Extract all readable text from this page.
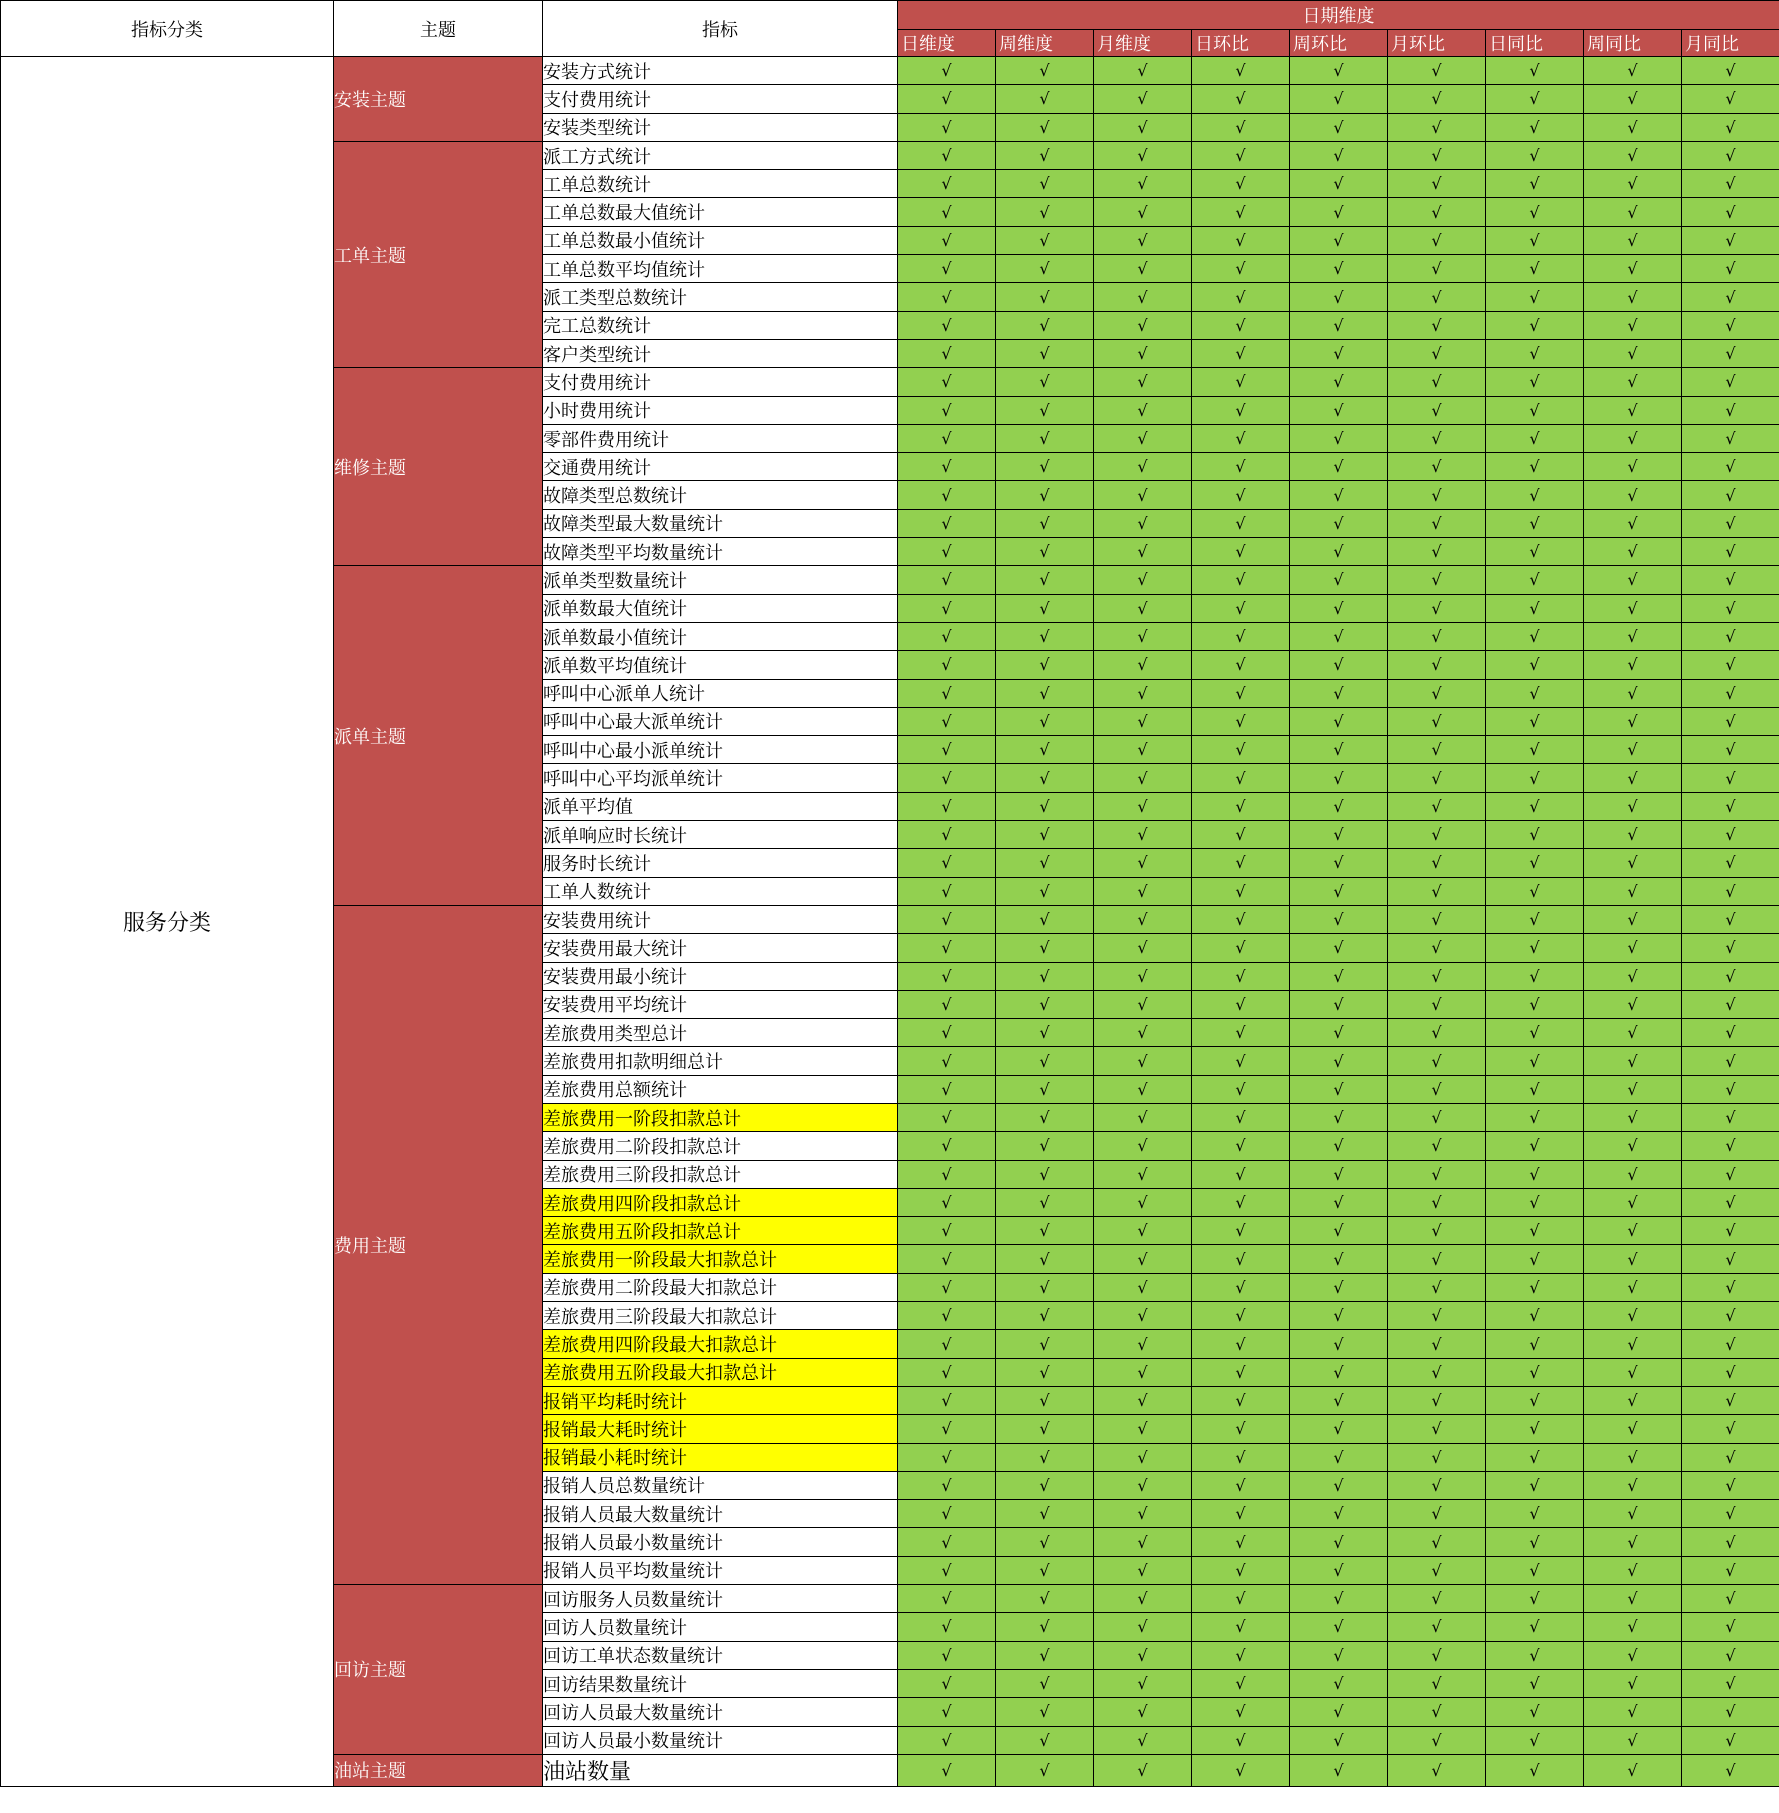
指标分类	主题	指标	日期维度								
			日维度	周维度	月维度	日环比	周环比	月环比	日同比	周同比	月同比
服务分类	安装主题	安装方式统计	√	√	√	√	√	√	√	√	√
		支付费用统计	√	√	√	√	√	√	√	√	√
		安装类型统计	√	√	√	√	√	√	√	√	√
	工单主题	派工方式统计	√	√	√	√	√	√	√	√	√
		工单总数统计	√	√	√	√	√	√	√	√	√
		工单总数最大值统计	√	√	√	√	√	√	√	√	√
		工单总数最小值统计	√	√	√	√	√	√	√	√	√
		工单总数平均值统计	√	√	√	√	√	√	√	√	√
		派工类型总数统计	√	√	√	√	√	√	√	√	√
		完工总数统计	√	√	√	√	√	√	√	√	√
		客户类型统计	√	√	√	√	√	√	√	√	√
	维修主题	支付费用统计	√	√	√	√	√	√	√	√	√
		小时费用统计	√	√	√	√	√	√	√	√	√
		零部件费用统计	√	√	√	√	√	√	√	√	√
		交通费用统计	√	√	√	√	√	√	√	√	√
		故障类型总数统计	√	√	√	√	√	√	√	√	√
		故障类型最大数量统计	√	√	√	√	√	√	√	√	√
		故障类型平均数量统计	√	√	√	√	√	√	√	√	√
	派单主题	派单类型数量统计	√	√	√	√	√	√	√	√	√
		派单数最大值统计	√	√	√	√	√	√	√	√	√
		派单数最小值统计	√	√	√	√	√	√	√	√	√
		派单数平均值统计	√	√	√	√	√	√	√	√	√
		呼叫中心派单人统计	√	√	√	√	√	√	√	√	√
		呼叫中心最大派单统计	√	√	√	√	√	√	√	√	√
		呼叫中心最小派单统计	√	√	√	√	√	√	√	√	√
		呼叫中心平均派单统计	√	√	√	√	√	√	√	√	√
		派单平均值	√	√	√	√	√	√	√	√	√
		派单响应时长统计	√	√	√	√	√	√	√	√	√
		服务时长统计	√	√	√	√	√	√	√	√	√
		工单人数统计	√	√	√	√	√	√	√	√	√
	费用主题	安装费用统计	√	√	√	√	√	√	√	√	√
		安装费用最大统计	√	√	√	√	√	√	√	√	√
		安装费用最小统计	√	√	√	√	√	√	√	√	√
		安装费用平均统计	√	√	√	√	√	√	√	√	√
		差旅费用类型总计	√	√	√	√	√	√	√	√	√
		差旅费用扣款明细总计	√	√	√	√	√	√	√	√	√
		差旅费用总额统计	√	√	√	√	√	√	√	√	√
		差旅费用一阶段扣款总计	√	√	√	√	√	√	√	√	√
		差旅费用二阶段扣款总计	√	√	√	√	√	√	√	√	√
		差旅费用三阶段扣款总计	√	√	√	√	√	√	√	√	√
		差旅费用四阶段扣款总计	√	√	√	√	√	√	√	√	√
		差旅费用五阶段扣款总计	√	√	√	√	√	√	√	√	√
		差旅费用一阶段最大扣款总计	√	√	√	√	√	√	√	√	√
		差旅费用二阶段最大扣款总计	√	√	√	√	√	√	√	√	√
		差旅费用三阶段最大扣款总计	√	√	√	√	√	√	√	√	√
		差旅费用四阶段最大扣款总计	√	√	√	√	√	√	√	√	√
		差旅费用五阶段最大扣款总计	√	√	√	√	√	√	√	√	√
		报销平均耗时统计	√	√	√	√	√	√	√	√	√
		报销最大耗时统计	√	√	√	√	√	√	√	√	√
		报销最小耗时统计	√	√	√	√	√	√	√	√	√
		报销人员总数量统计	√	√	√	√	√	√	√	√	√
		报销人员最大数量统计	√	√	√	√	√	√	√	√	√
		报销人员最小数量统计	√	√	√	√	√	√	√	√	√
		报销人员平均数量统计	√	√	√	√	√	√	√	√	√
	回访主题	回访服务人员数量统计	√	√	√	√	√	√	√	√	√
		回访人员数量统计	√	√	√	√	√	√	√	√	√
		回访工单状态数量统计	√	√	√	√	√	√	√	√	√
		回访结果数量统计	√	√	√	√	√	√	√	√	√
		回访人员最大数量统计	√	√	√	√	√	√	√	√	√
		回访人员最小数量统计	√	√	√	√	√	√	√	√	√
	油站主题	油站数量	√	√	√	√	√	√	√	√	√
CSDN @骨灰级收藏家
